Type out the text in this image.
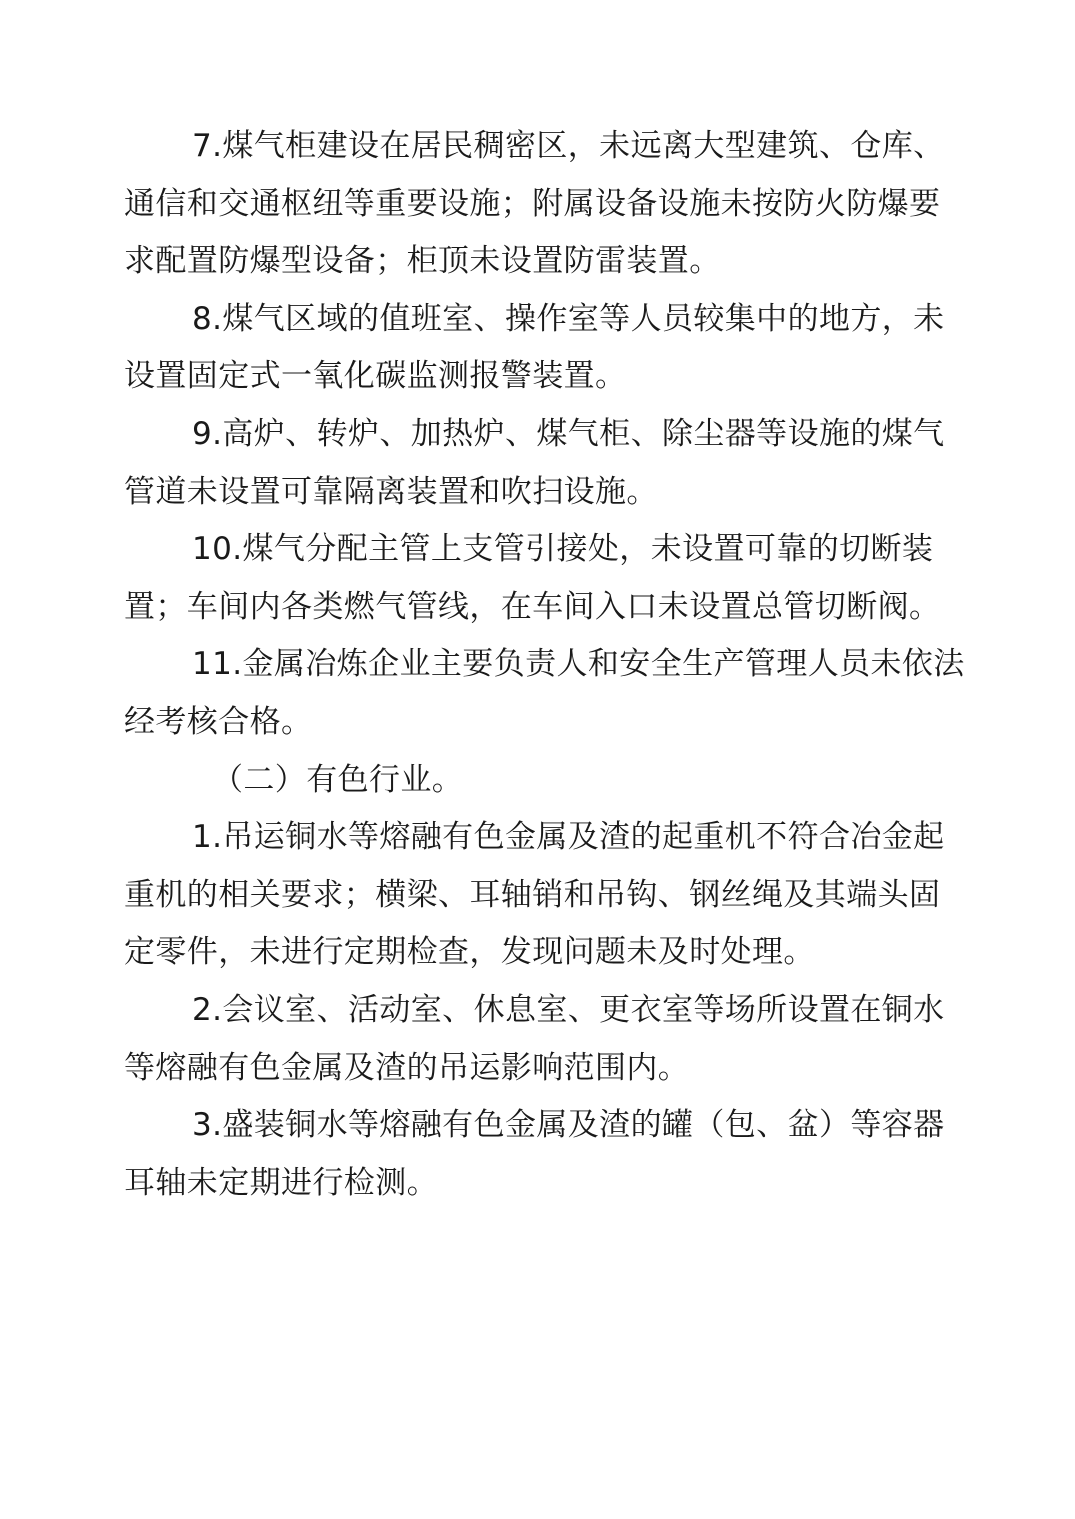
7.煤气柜建设在居民稠密区，未远离大型建筑、仓库、通信和交通枢纽等重要设施；附属设备设施未按防火防爆要求配置防爆型设备；柜顶未设置防雷装置。

8.煤气区域的值班室、操作室等人员较集中的地方，未设置固定式一氧化碳监测报警装置。

9.高炉、转炉、加热炉、煤气柜、除尘器等设施的煤气管道未设置可靠隔离装置和吹扫设施。

10.煤气分配主管上支管引接处，未设置可靠的切断装置；车间内各类燃气管线，在车间入口未设置总管切断阀。

11.金属冶炼企业主要负责人和安全生产管理人员未依法经考核合格。

（二）有色行业。

1.吊运铜水等熔融有色金属及渣的起重机不符合冶金起重机的相关要求；横梁、耳轴销和吊钩、钢丝绳及其端头固定零件，未进行定期检查，发现问题未及时处理。

2.会议室、活动室、休息室、更衣室等场所设置在铜水等熔融有色金属及渣的吊运影响范围内。

3.盛装铜水等熔融有色金属及渣的罐（包、盆）等容器耳轴未定期进行检测。
